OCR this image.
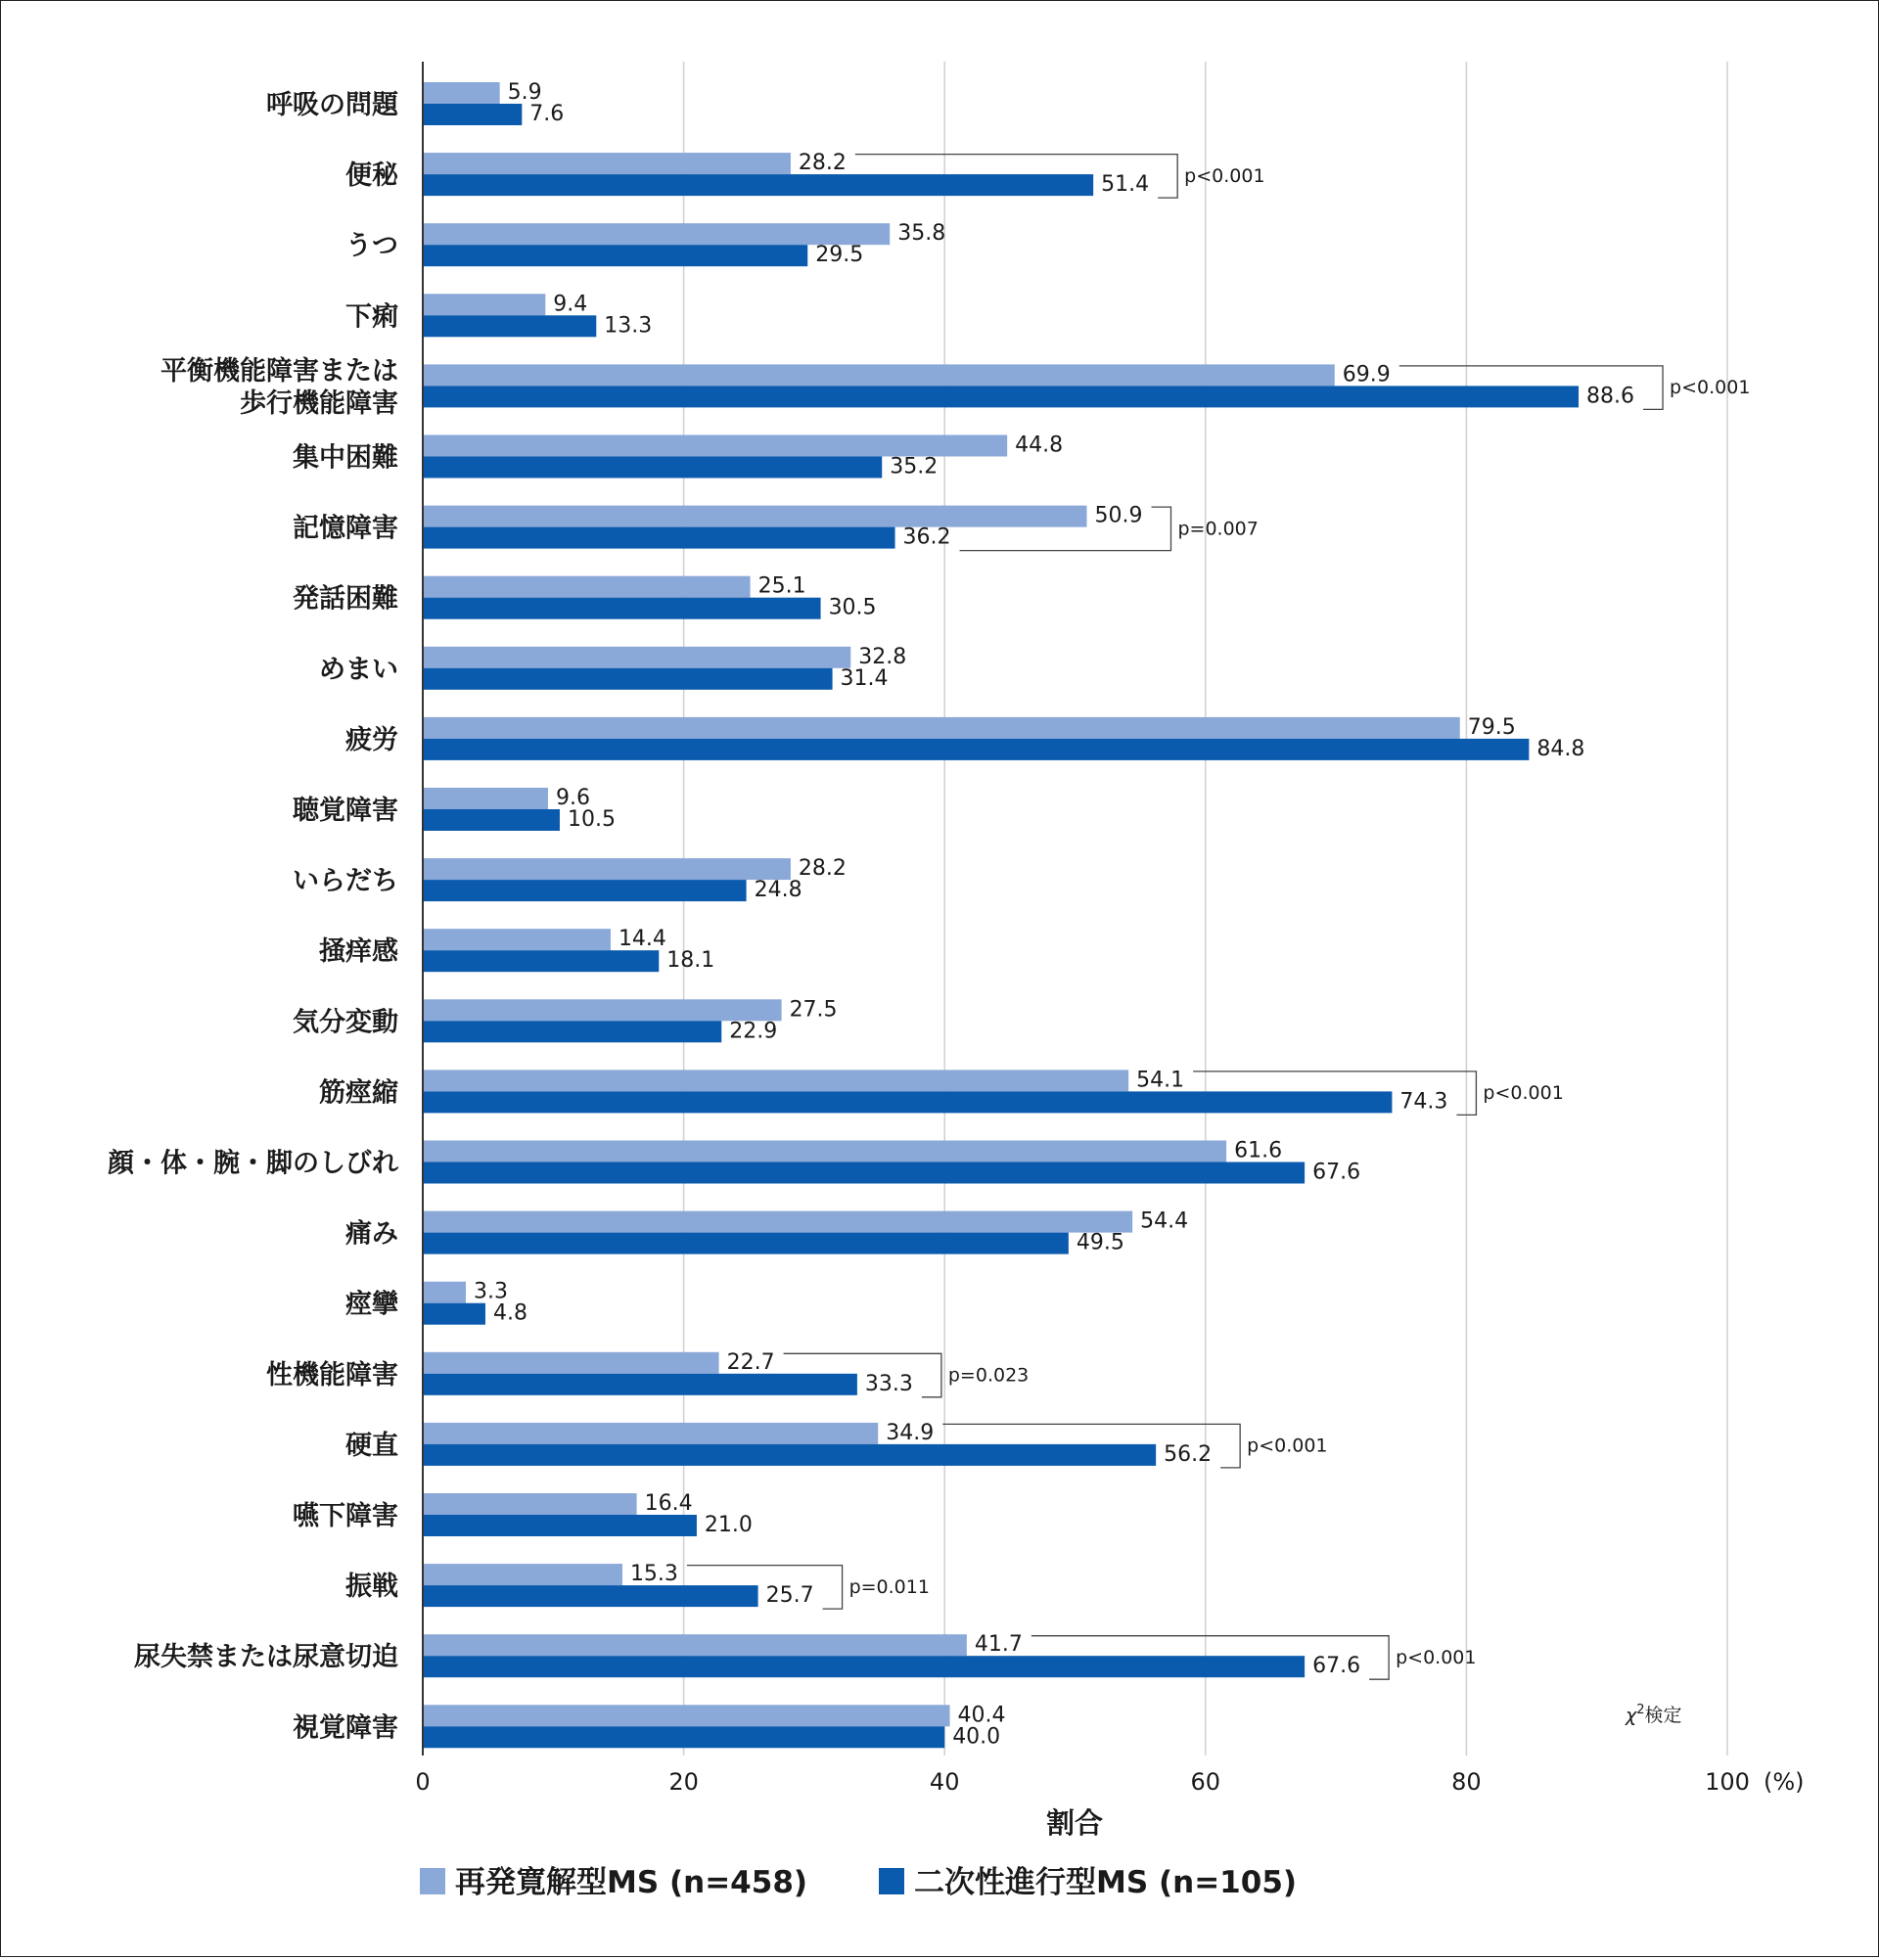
5.9
7.6
呼吸の問題
28.2
51.4
便秘
35.8
29.5
うつ
9.4
13.3
下痢
69.9
88.6
平衡機能障害または歩行機能障害
44.8
35.2
集中困難
50.9
36.2
記憶障害
25.1
30.5
発話困難
32.8
31.4
めまい
79.5
84.8
疲労
9.6
10.5
聴覚障害
28.2
24.8
いらだち
14.4
18.1
掻痒感
27.5
22.9
気分変動
54.1
74.3
筋痙縮
61.6
67.6
顔・体・腕・脚のしびれ
54.4
49.5
痛み
3.3
4.8
痙攣
22.7
33.3
性機能障害
34.9
56.2
硬直
16.4
21.0
嚥下障害
15.3
25.7
振戦
41.7
67.6
尿失禁または尿意切迫
40.4
40.0
視覚障害
p<0.001
p<0.001
p=0.007
p<0.001
p=0.023
p<0.001
p=0.011
p<0.001
$\chi^2$検定
0	20	40	60	80	100 (%)
割合
再発寛解型MS (n=458)	二次性進行型MS (n=105)
